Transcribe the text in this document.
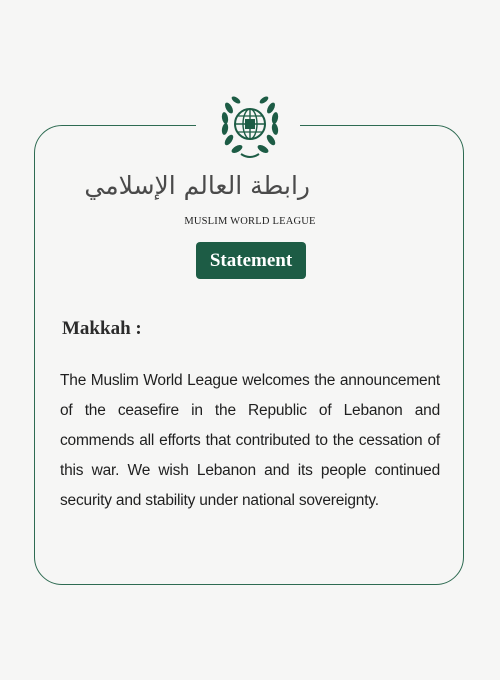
رابطة العالم الإسلامي
MUSLIM WORLD LEAGUE
Statement
Makkah :
The Muslim World League welcomes the announcement of the ceasefire in the Republic of Lebanon and commends all efforts that contributed to the cessation of this war. We wish Lebanon and its people continued security and stability under national sovereignty.
